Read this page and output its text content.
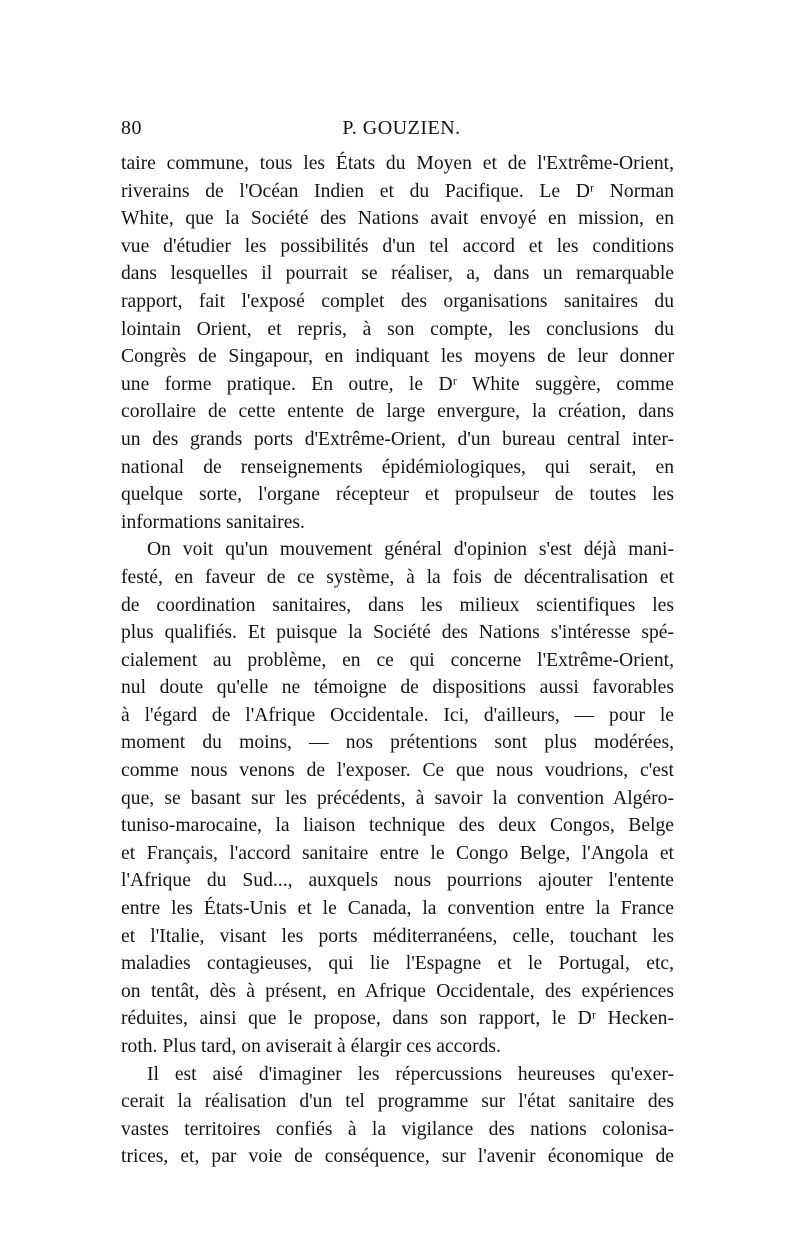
80	P. GOUZIEN.
taire commune, tous les États du Moyen et de l'Extrême-Orient,
riverains de l'Océan Indien et du Pacifique. Le Dʳ Norman
White, que la Société des Nations avait envoyé en mission, en
vue d'étudier les possibilités d'un tel accord et les conditions
dans lesquelles il pourrait se réaliser, a, dans un remarquable
rapport, fait l'exposé complet des organisations sanitaires du
lointain Orient, et repris, à son compte, les conclusions du
Congrès de Singapour, en indiquant les moyens de leur donner
une forme pratique. En outre, le Dʳ White suggère, comme
corollaire de cette entente de large envergure, la création, dans
un des grands ports d'Extrême-Orient, d'un bureau central inter-
national de renseignements épidémiologiques, qui serait, en
quelque sorte, l'organe récepteur et propulseur de toutes les
informations sanitaires.
On voit qu'un mouvement général d'opinion s'est déjà mani-
festé, en faveur de ce système, à la fois de décentralisation et
de coordination sanitaires, dans les milieux scientifiques les
plus qualifiés. Et puisque la Société des Nations s'intéresse spé-
cialement au problème, en ce qui concerne l'Extrême-Orient,
nul doute qu'elle ne témoigne de dispositions aussi favorables
à l'égard de l'Afrique Occidentale. Ici, d'ailleurs, — pour le
moment du moins, — nos prétentions sont plus modérées,
comme nous venons de l'exposer. Ce que nous voudrions, c'est
que, se basant sur les précédents, à savoir la convention Algéro-
tuniso-marocaine, la liaison technique des deux Congos, Belge
et Français, l'accord sanitaire entre le Congo Belge, l'Angola et
l'Afrique du Sud..., auxquels nous pourrions ajouter l'entente
entre les États-Unis et le Canada, la convention entre la France
et l'Italie, visant les ports méditerranéens, celle, touchant les
maladies contagieuses, qui lie l'Espagne et le Portugal, etc,
on tentât, dès à présent, en Afrique Occidentale, des expériences
réduites, ainsi que le propose, dans son rapport, le Dʳ Hecken-
roth. Plus tard, on aviserait à élargir ces accords.
Il est aisé d'imaginer les répercussions heureuses qu'exer-
cerait la réalisation d'un tel programme sur l'état sanitaire des
vastes territoires confiés à la vigilance des nations colonisa-
trices, et, par voie de conséquence, sur l'avenir économique de
